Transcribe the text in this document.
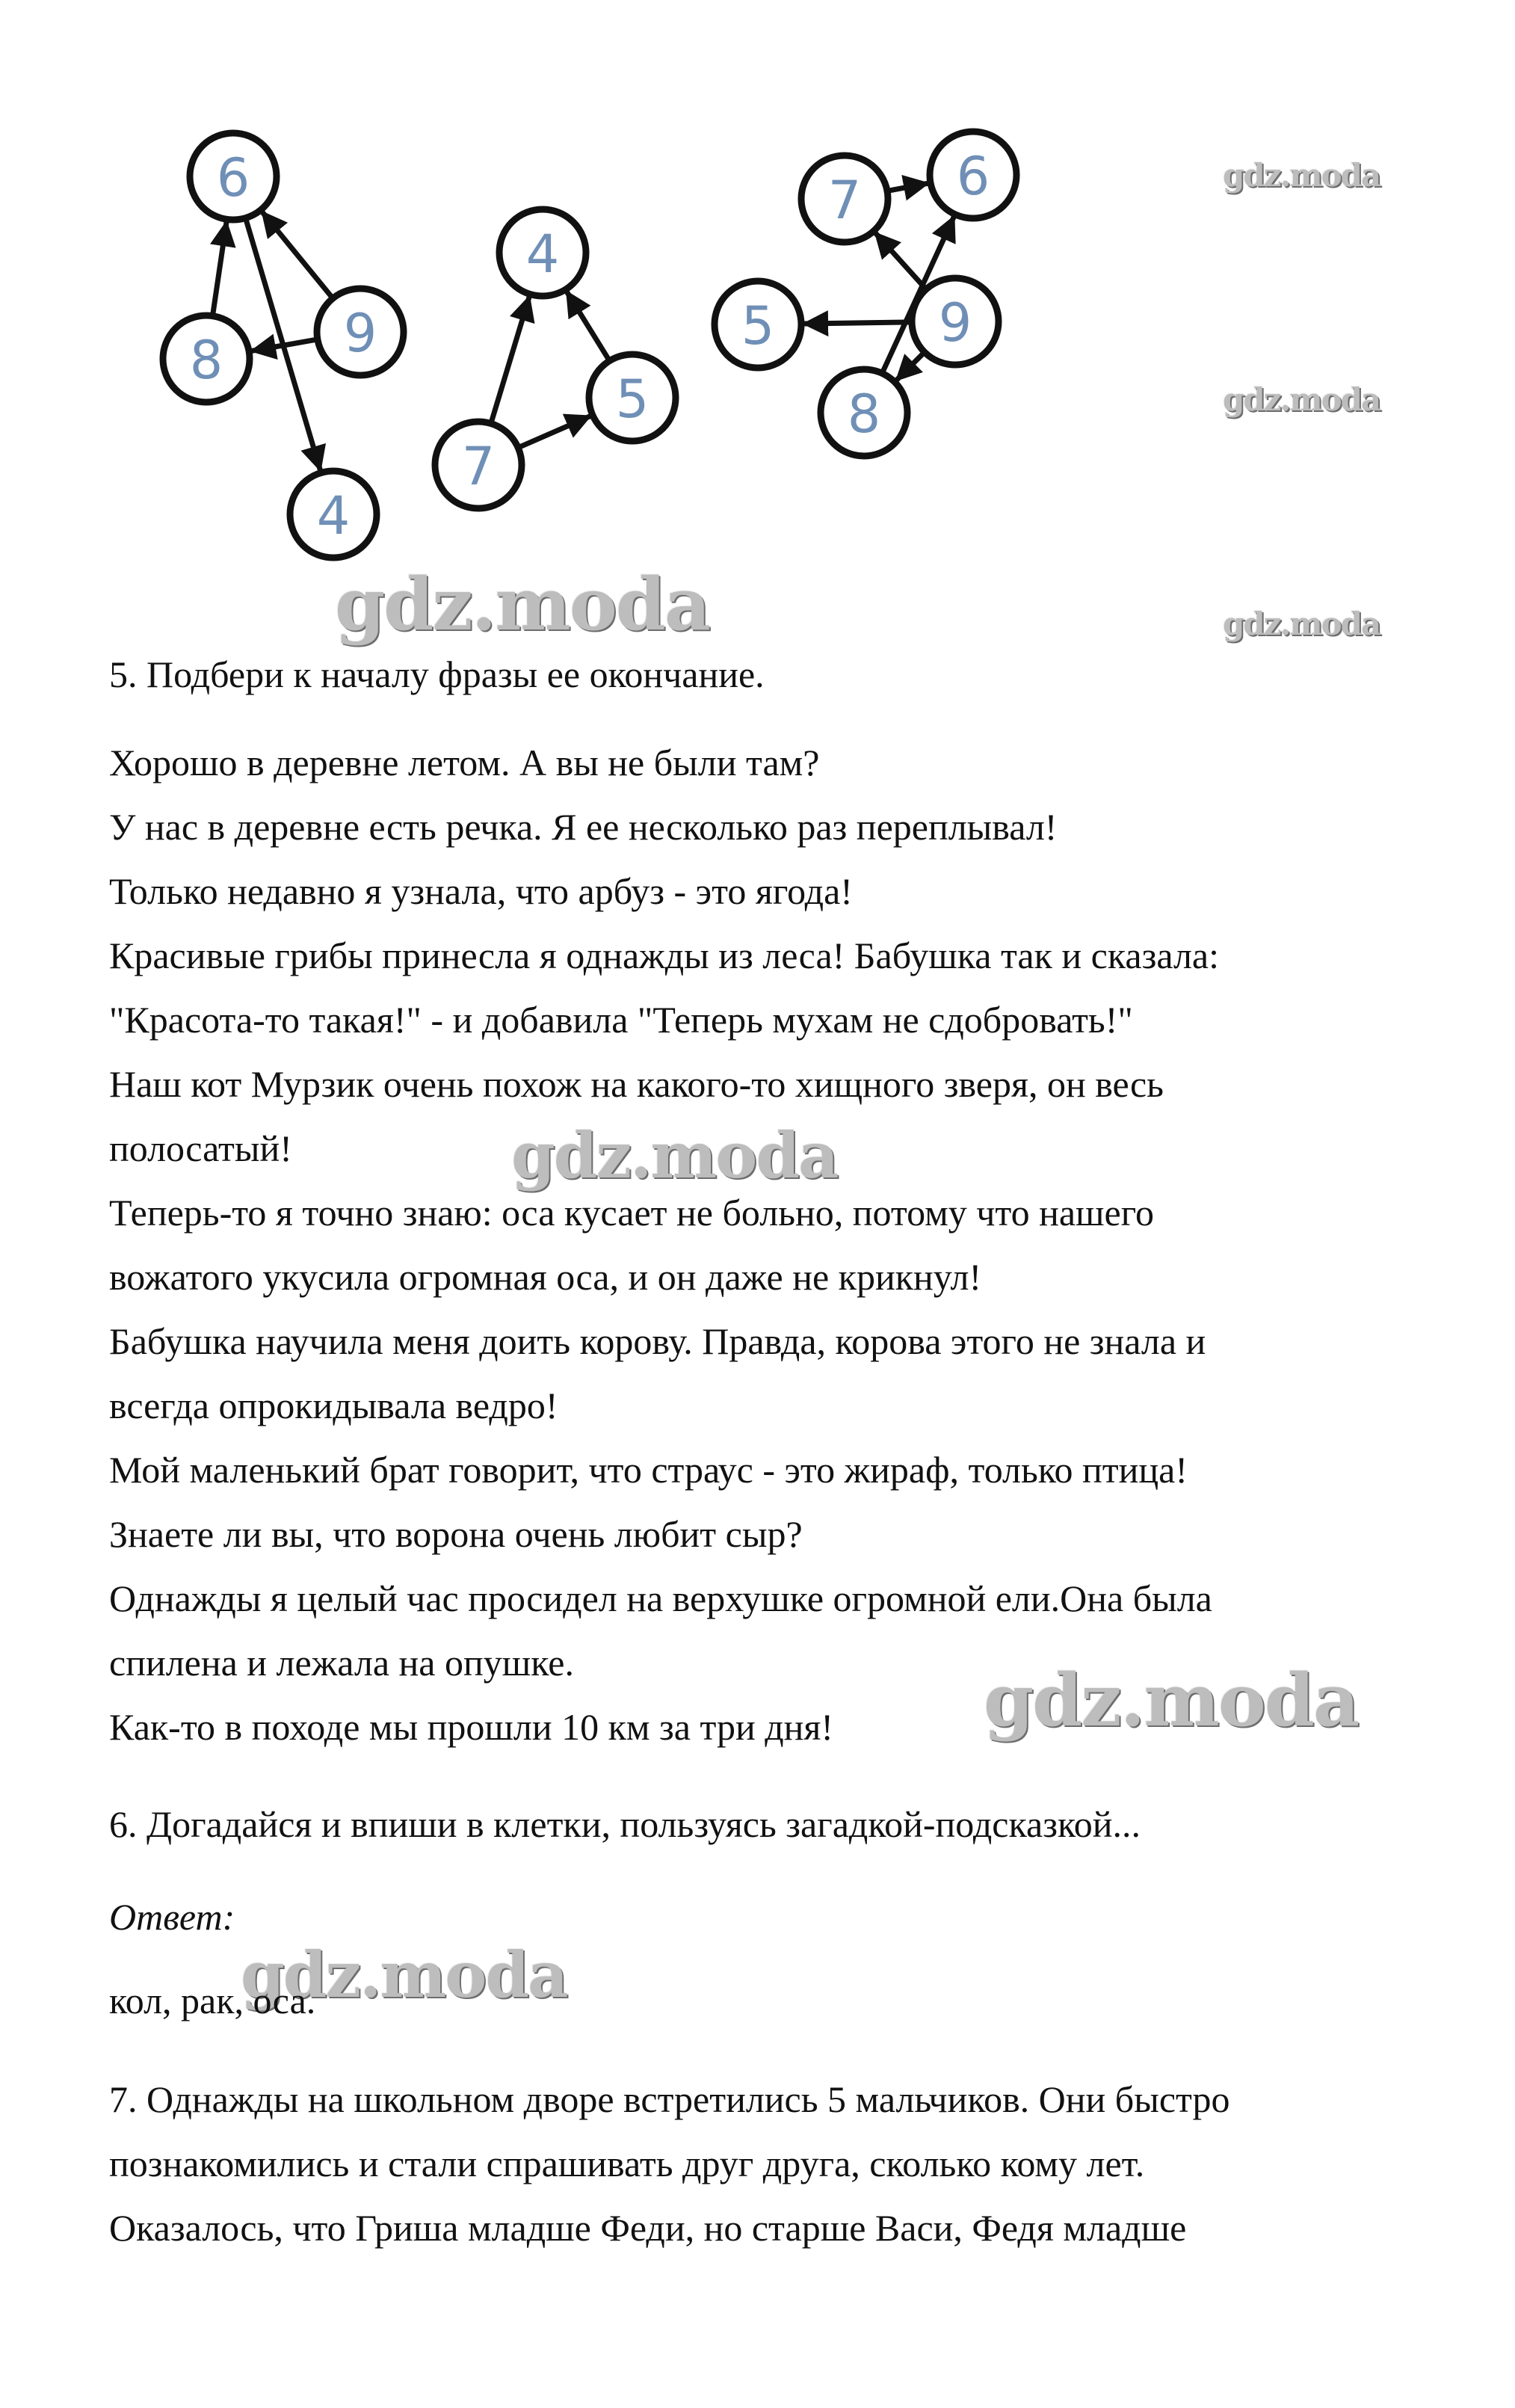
6
8 9
4
4
5
7
7 6
5	9
8
gdz.moda
gdz.moda
gdz.moda
gdz.moda
gdz.moda
gdz.moda
gdz.moda
5. Подбери к началу фразы ее окончание.
Хорошо в деревне летом. А вы не были там?
У нас в деревне есть речка. Я ее несколько раз переплывал!
Только недавно я узнала, что арбуз - это ягода!
Красивые грибы принесла я однажды из леса! Бабушка так и сказала:
"Красота-то такая!" - и добавила "Теперь мухам не сдобровать!"
Наш кот Мурзик очень похож на какого-то хищного зверя, он весь
полосатый!
Теперь-то я точно знаю: оса кусает не больно, потому что нашего
вожатого укусила огромная оса, и он даже не крикнул!
Бабушка научила меня доить корову. Правда, корова этого не знала и
всегда опрокидывала ведро!
Мой маленький брат говорит, что страус - это жираф, только птица!
Знаете ли вы, что ворона очень любит сыр?
Однажды я целый час просидел на верхушке огромной ели.Она была
спилена и лежала на опушке.
Как-то в походе мы прошли 10 км за три дня!
6. Догадайся и впиши в клетки, пользуясь загадкой-подсказкой...
Ответ:
кол, рак, оса.
7. Однажды на школьном дворе встретились 5 мальчиков. Они быстро
познакомились и стали спрашивать друг друга, сколько кому лет.
Оказалось, что Гриша младше Феди, но старше Васи, Федя младше
